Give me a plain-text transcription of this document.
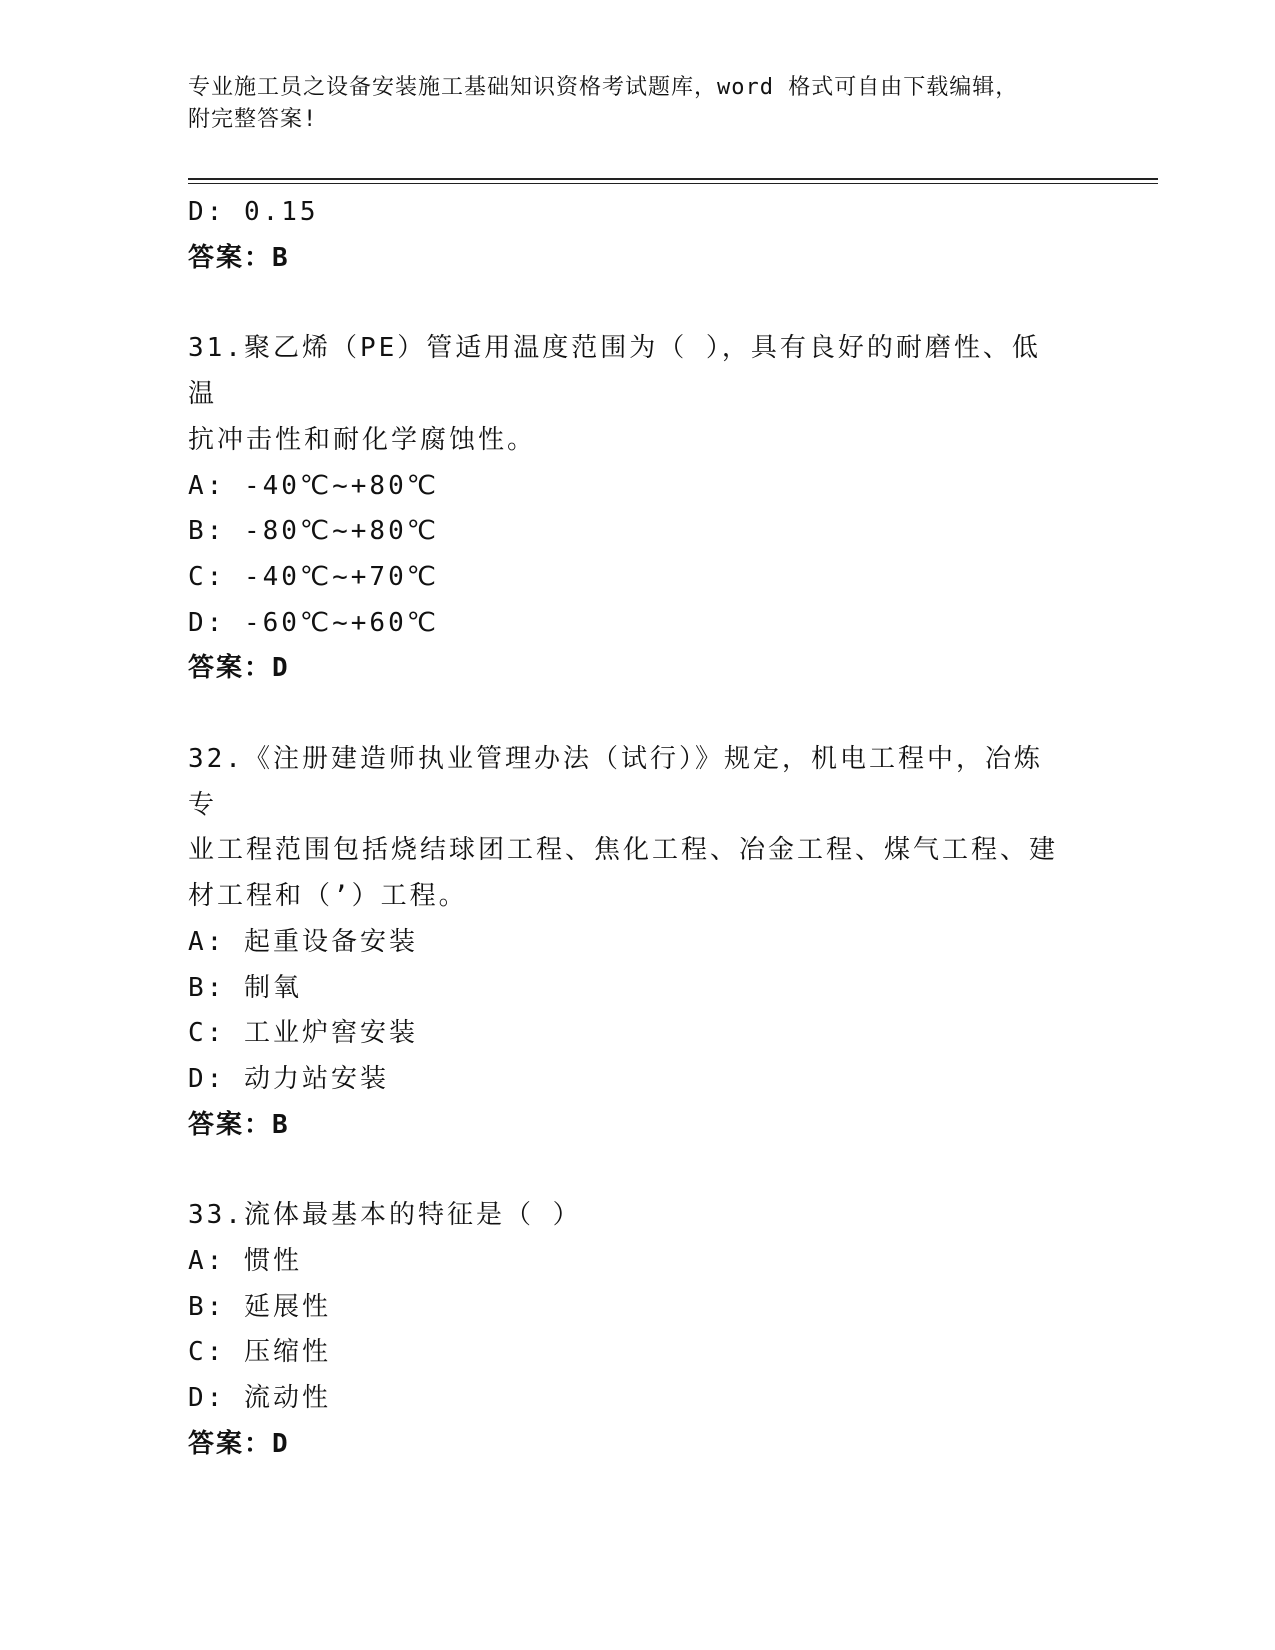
专业施工员之设备安装施工基础知识资格考试题库，word 格式可自由下载编辑，
附完整答案!
D: 0.15
答案：B
31.聚乙烯（PE）管适用温度范围为（ ），具有良好的耐磨性、低温
抗冲击性和耐化学腐蚀性。
A: -40℃~+80℃
B: -80℃~+80℃
C: -40℃~+70℃
D: -60℃~+60℃
答案：D
32.《注册建造师执业管理办法（试行）》规定，机电工程中，冶炼专
业工程范围包括烧结球团工程、焦化工程、冶金工程、煤气工程、建
材工程和（’）工程。
A: 起重设备安装
B: 制氧
C: 工业炉窖安装
D: 动力站安装
答案：B
33.流体最基本的特征是（ ）
A: 惯性
B: 延展性
C: 压缩性
D: 流动性
答案：D
